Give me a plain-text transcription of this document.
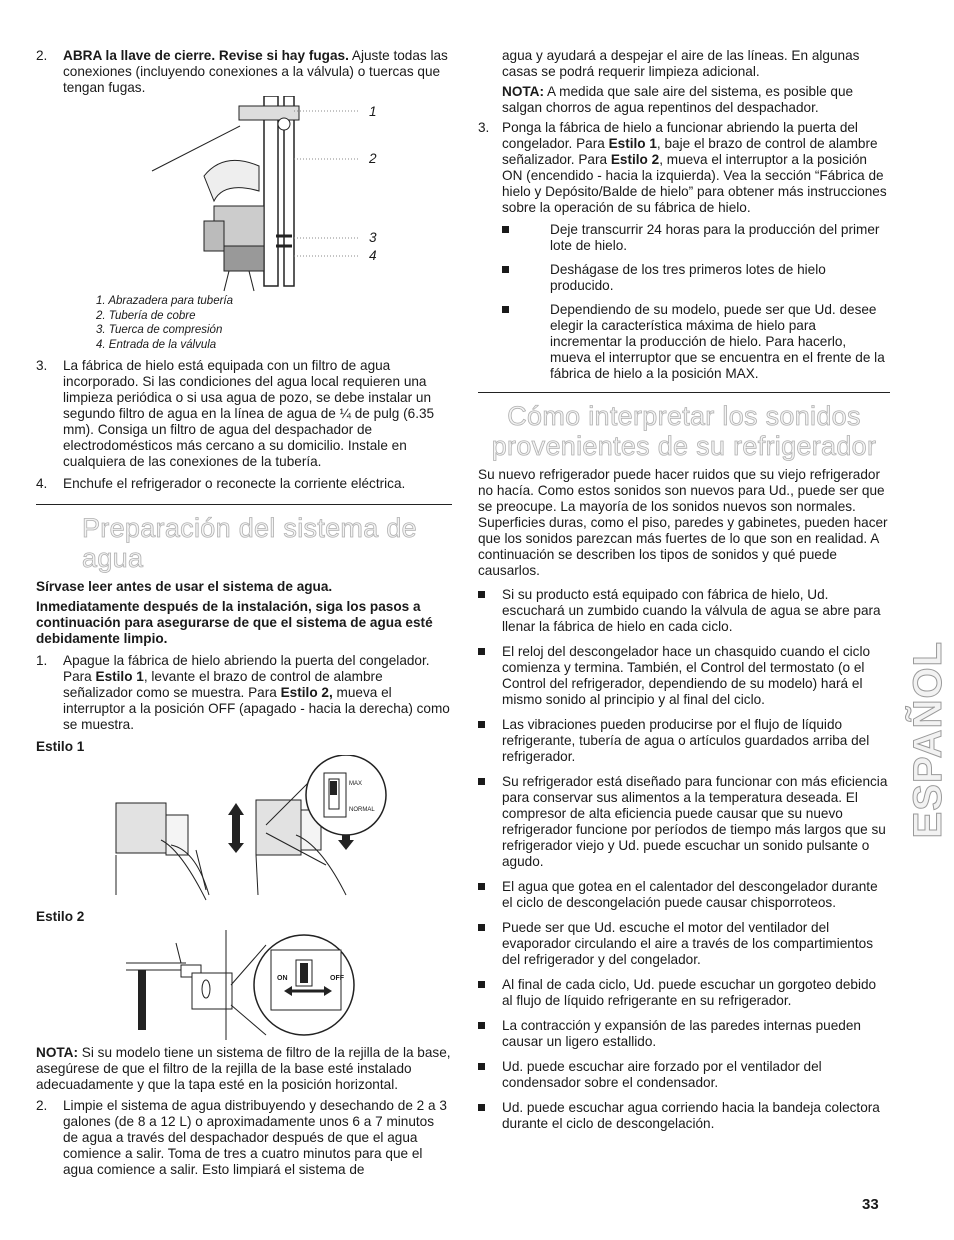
2.	ABRA la llave de cierre. Revise si hay fugas. Ajuste todas las conexiones (incluyendo conexiones a la válvula) o tuercas que tengan fugas.
1
2
3
4
1. Abrazadera para tubería
2. Tubería de cobre
3. Tuerca de compresión
4. Entrada de la válvula
3.	La fábrica de hielo está equipada con un filtro de agua incorporado. Si las condiciones del agua local requieren una limpieza periódica o si usa agua de pozo, se debe instalar un segundo filtro de agua en la línea de agua de ¼ de pulg (6.35 mm). Consiga un filtro de agua del despachador de electrodomésticos más cercano a su domicilio. Instale en cualquiera de las conexiones de la tubería.
4.	Enchufe el refrigerador o reconecte la corriente eléctrica.
Preparación del sistema de agua

Sírvase leer antes de usar el sistema de agua.

Inmediatamente después de la instalación, siga los pasos a continuación para asegurarse de que el sistema de agua esté debidamente limpio.

1.	Apague la fábrica de hielo abriendo la puerta del congelador. Para Estilo 1, levante el brazo de control de alambre señalizador como se muestra. Para Estilo 2, mueva el interruptor a la posición OFF (apagado - hacia la derecha) como se muestra.

Estilo 1

MAX
NORMAL

Estilo 2

ON	OFF

NOTA: Si su modelo tiene un sistema de filtro de la rejilla de la base, asegúrese de que el filtro de la rejilla de la base esté instalado adecuadamente y que la tapa esté en la posición horizontal.

2.	Limpie el sistema de agua distribuyendo y desechando de 2 a 3 galones (de 8 a 12 L) o aproximadamente unos 6 a 7 minutos de agua a través del despachador después de que el agua comience a salir. Toma de tres a cuatro minutos para que el agua comience a salir. Esto limpiará el sistema de

agua y ayudará a despejar el aire de las líneas. En algunas casas se podrá requerir limpieza adicional.

NOTA: A medida que sale aire del sistema, es posible que salgan chorros de agua repentinos del despachador.

3. Ponga la fábrica de hielo a funcionar abriendo la puerta del congelador. Para Estilo 1, baje el brazo de control de alambre señalizador. Para Estilo 2, mueva el interruptor a la posición ON (encendido - hacia la izquierda). Vea la sección “Fábrica de hielo y Depósito/Balde de hielo” para obtener más instrucciones sobre la operación de su fábrica de hielo.
Deje transcurrir 24 horas para la producción del primer lote de hielo.
Deshágase de los tres primeros lotes de hielo producido.
Dependiendo de su modelo, puede ser que Ud. desee elegir la característica máxima de hielo para incrementar la producción de hielo. Para hacerlo, mueva el interruptor que se encuentra en el frente de la fábrica de hielo a la posición MAX.
Cómo interpretar los sonidos
provenientes de su refrigerador

Su nuevo refrigerador puede hacer ruidos que su viejo refrigerador no hacía. Como estos sonidos son nuevos para Ud., puede ser que se preocupe. La mayoría de los sonidos nuevos son normales. Superficies duras, como el piso, paredes y gabinetes, pueden hacer que los sonidos parezcan más fuertes de lo que son en realidad. A continuación se describen los tipos de sonidos y qué puede causarlos.

Si su producto está equipado con fábrica de hielo, Ud. escuchará un zumbido cuando la válvula de agua se abre para llenar la fábrica de hielo en cada ciclo.
El reloj del descongelador hace un chasquido cuando el ciclo comienza y termina. También, el Control del termostato (o el Control del refrigerador, dependiendo de su modelo) hará el mismo sonido al principio y al final del ciclo.
Las vibraciones pueden producirse por el flujo de líquido refrigerante, tubería de agua o artículos guardados arriba del refrigerador.
Su refrigerador está diseñado para funcionar con más eficiencia para conservar sus alimentos a la temperatura deseada. El compresor de alta eficiencia puede causar que su nuevo refrigerador funcione por períodos de tiempo más largos que su refrigerador viejo y Ud. puede escuchar un sonido pulsante o agudo.
El agua que gotea en el calentador del descongelador durante el ciclo de descongelación puede causar chisporroteos.
Puede ser que Ud. escuche el motor del ventilador del evaporador circulando el aire a través de los compartimientos del refrigerador y del congelador.
Al final de cada ciclo, Ud. puede escuchar un gorgoteo debido al flujo de líquido refrigerante en su refrigerador.
La contracción y expansión de las paredes internas pueden causar un ligero estallido.
Ud. puede escuchar aire forzado por el ventilador del condensador sobre el condensador.
Ud. puede escuchar agua corriendo hacia la bandeja colectora durante el ciclo de descongelación.
ESPAÑOL
33
